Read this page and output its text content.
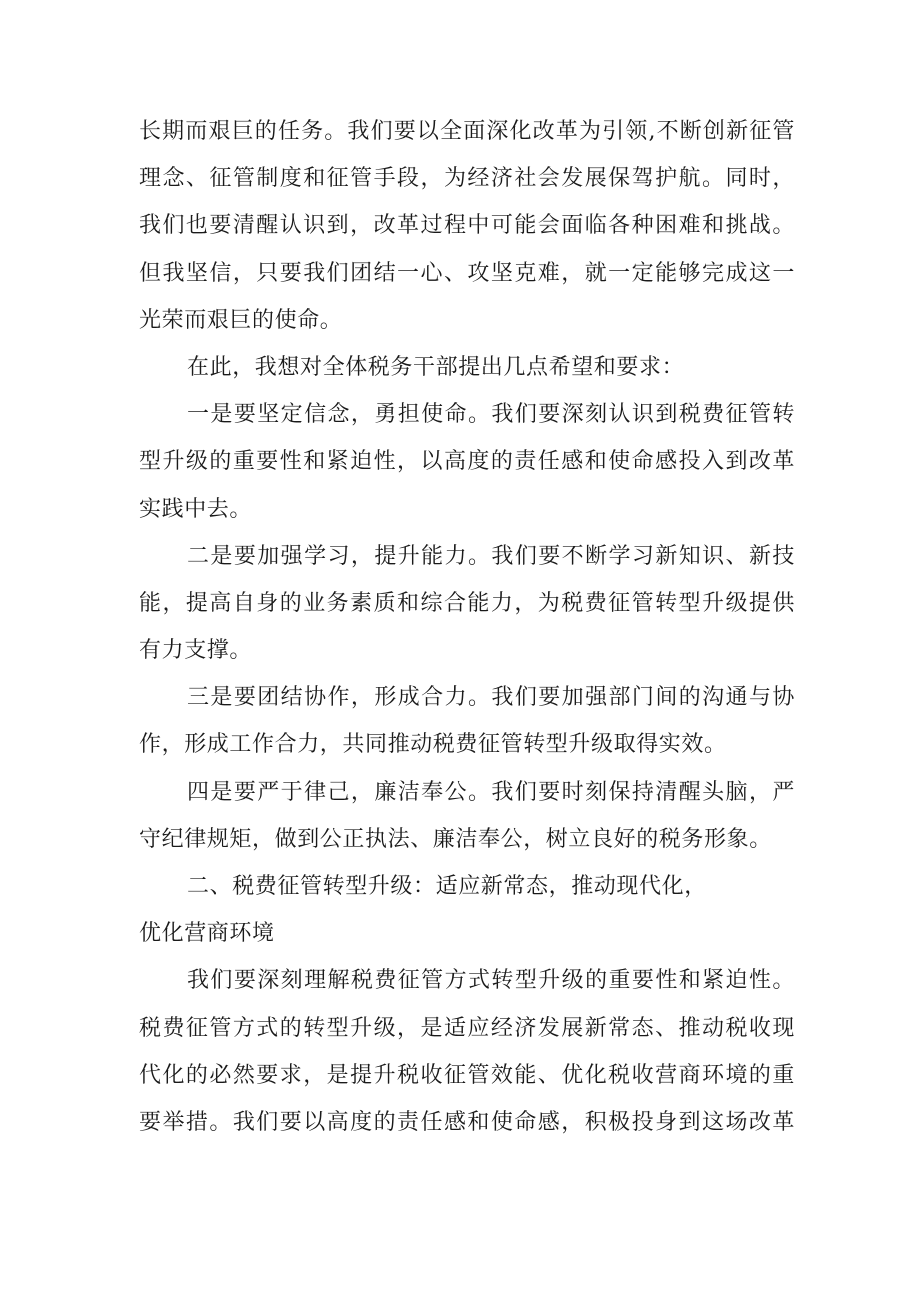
长期而艰巨的任务。我们要以全面深化改革为引领,不断创新征管
理念、征管制度和征管手段，为经济社会发展保驾护航。同时，
我们也要清醒认识到，改革过程中可能会面临各种困难和挑战。
但我坚信，只要我们团结一心、攻坚克难，就一定能够完成这一
光荣而艰巨的使命。
在此，我想对全体税务干部提出几点希望和要求：
一是要坚定信念，勇担使命。我们要深刻认识到税费征管转
型升级的重要性和紧迫性，以高度的责任感和使命感投入到改革
实践中去。
二是要加强学习，提升能力。我们要不断学习新知识、新技
能，提高自身的业务素质和综合能力，为税费征管转型升级提供
有力支撑。
三是要团结协作，形成合力。我们要加强部门间的沟通与协
作，形成工作合力，共同推动税费征管转型升级取得实效。
四是要严于律己，廉洁奉公。我们要时刻保持清醒头脑，严
守纪律规矩，做到公正执法、廉洁奉公，树立良好的税务形象。
二、税费征管转型升级：适应新常态，推动现代化，
优化营商环境
我们要深刻理解税费征管方式转型升级的重要性和紧迫性。
税费征管方式的转型升级，是适应经济发展新常态、推动税收现
代化的必然要求，是提升税收征管效能、优化税收营商环境的重
要举措。我们要以高度的责任感和使命感，积极投身到这场改革
